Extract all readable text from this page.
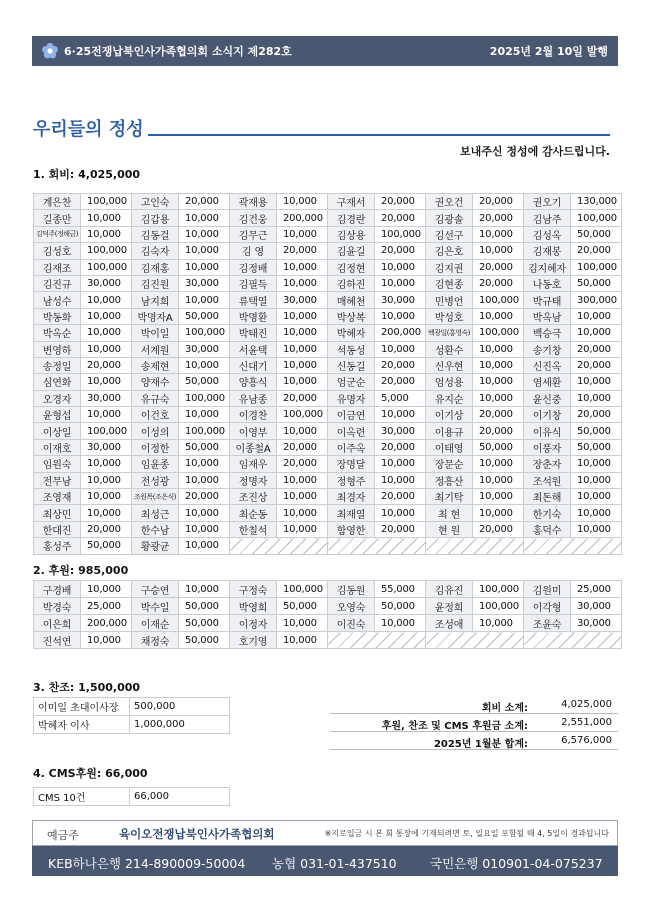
6·25전쟁납북인사가족협의회 소식지 제282호	2025년 2월 10일 발행
우리들의 정성
보내주신 정성에 감사드립니다.
1. 회비: 4,025,000
계은찬	100,000	고인숙	20,000	곽재용	10,000	구재서	20,000	권오건	20,000	권오기	130,000
길종만	10,000	김갑용	10,000	김건웅	200,000	김경란	20,000	김광솔	20,000	김남주	100,000
김덕주(정해금)	10,000	김동걸	10,000	김무근	10,000	김상용	100,000	김선구	10,000	김성옥	50,000
김성호	100,000	김숙자	10,000	김 영	20,000	김윤길	20,000	김은호	10,000	김재봉	20,000
김재조	100,000	김재홍	10,000	김정배	10,000	김정현	10,000	김지권	20,000	김지혜자	100,000
김진규	30,000	김진원	30,000	김필득	10,000	김하진	10,000	김현종	20,000	나동호	50,000
남성수	10,000	남지희	10,000	류택열	30,000	매혜천	30,000	민병언	100,000	박규태	300,000
박동화	10,000	박명자A	50,000	박명환	10,000	박상복	10,000	박성호	10,000	박옥남	10,000
박옥순	10,000	박이일	100,000	박태진	10,000	박혜자	200,000	백광일(홍영숙)	100,000	백승극	10,000
변영하	10,000	서계원	30,000	서윤택	10,000	석동성	10,000	성환수	10,000	송기창	20,000
송정일	20,000	송제현	10,000	신대기	10,000	신동길	20,000	신우현	10,000	신진옥	20,000
심연화	10,000	양재수	50,000	양흥식	10,000	엄군순	20,000	엄성용	10,000	염세환	10,000
오경자	30,000	유규숙	100,000	유남종	20,000	유명자	5,000	유지순	10,000	윤신중	10,000
윤형섭	10,000	이건호	10,000	이경찬	100,000	이금연	10,000	이기상	20,000	이기창	20,000
이상일	100,000	이성의	100,000	이영부	10,000	이옥련	30,000	이용규	20,000	이유식	50,000
이재호	30,000	이정한	50,000	이종철A	20,000	이주옥	20,000	이태영	50,000	이풍자	50,000
임원숙	10,000	임윤종	10,000	임재우	20,000	장명달	10,000	장문순	10,000	장춘자	10,000
전무남	10,000	전성광	10,000	정명자	10,000	정형주	10,000	정흥산	10,000	조석원	10,000
조영재	10,000	조원목(조은식)	20,000	조진상	10,000	최경자	20,000	최기탁	10,000	최돈해	10,000
최상민	10,000	최성근	10,000	최순동	10,000	최재열	10,000	최 현	10,000	한기숙	10,000
한대진	20,000	한수남	10,000	한칠석	10,000	함영한	20,000	현 원	20,000	홍덕수	10,000
홍성주	50,000	황광균	10,000								
2. 후원: 985,000
구경배	10,000	구승연	10,000	구정숙	100,000	김동원	55,000	김유진	100,000	김원미	25,000
박경숙	25,000	박수일	50,000	박영희	50,000	오영숙	50,000	윤정희	100,000	이각형	30,000
이은희	200,000	이재순	50,000	이정자	10,000	이진숙	10,000	조성애	10,000	조윤숙	30,000
진석연	10,000	채정숙	50,000	호기영	10,000						
3. 찬조: 1,500,000
이미일 초대이사장	500,000
박혜자 이사	1,000,000
회비 소계:	4,025,000
후원, 찬조 및 CMS 후원금 소계:	2,551,000
2025년 1월분 합계:	6,576,000
4. CMS후원: 66,000
CMS 10건	66,000
예금주	육이오전쟁납북인사가족협의회	※지로입금 시 본 회 통장에 기재되려면 토, 일요일 포함될 때 4, 5일이 경과됩니다
KEB하나은행 214-890009-50004 농협 031-01-437510	국민은행 010901-04-075237
